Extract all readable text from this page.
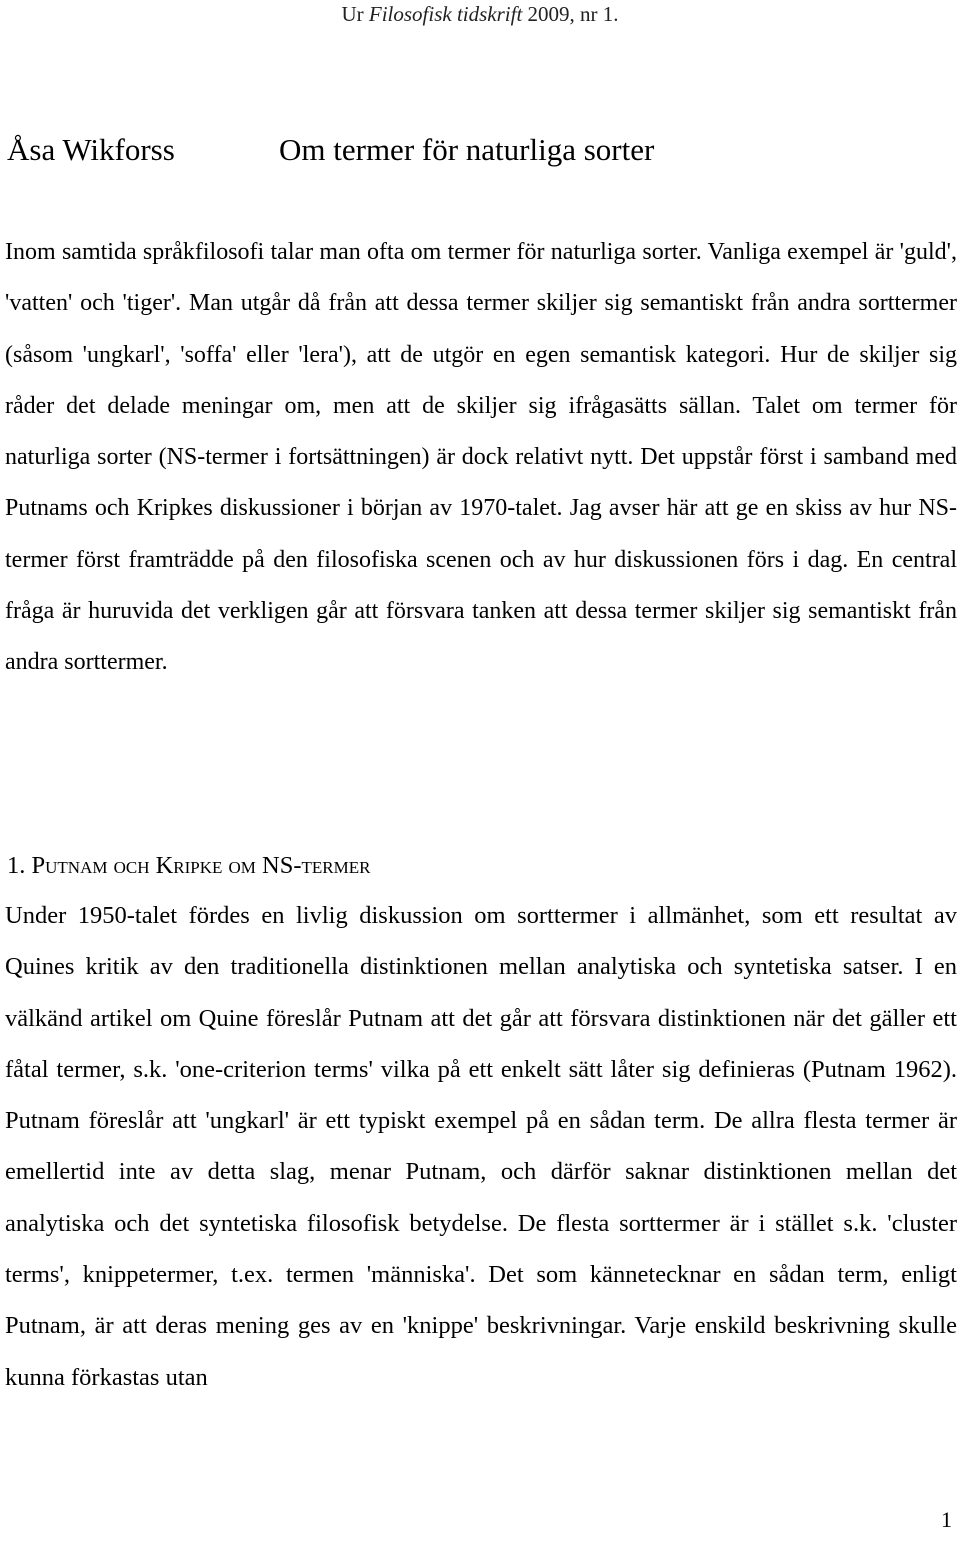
Ur Filosofisk tidskrift 2009, nr 1.
Åsa Wikforss	Om termer för naturliga sorter

Inom samtida språkfilosofi talar man ofta om termer för naturliga sorter. Vanliga exempel är 'guld', 'vatten' och 'tiger'. Man utgår då från att dessa termer skiljer sig semantiskt från andra sorttermer (såsom 'ungkarl', 'soffa' eller 'lera'), att de utgör en egen semantisk kategori. Hur de skiljer sig råder det delade meningar om, men att de skiljer sig ifrågasätts sällan. Talet om termer för naturliga sorter (NS-termer i fortsättningen) är dock relativt nytt. Det uppstår först i samband med Putnams och Kripkes diskussioner i början av 1970-talet. Jag avser här att ge en skiss av hur NS-termer först framträdde på den filosofiska scenen och av hur diskussionen förs i dag. En central fråga är huruvida det verkligen går att försvara tanken att dessa termer skiljer sig semantiskt från andra sorttermer.

1. Putnam och Kripke om NS-termer

Under 1950-talet fördes en livlig diskussion om sorttermer i allmänhet, som ett resultat av Quines kritik av den traditionella distinktionen mellan analytiska och syntetiska satser. I en välkänd artikel om Quine föreslår Putnam att det går att försvara distinktionen när det gäller ett fåtal termer, s.k. 'one-criterion terms' vilka på ett enkelt sätt låter sig definieras (Putnam 1962). Putnam föreslår att 'ungkarl' är ett typiskt exempel på en sådan term. De allra flesta termer är emellertid inte av detta slag, menar Putnam, och därför saknar distinktionen mellan det analytiska och det syntetiska filosofisk betydelse. De flesta sorttermer är i stället s.k. 'cluster terms', knippetermer, t.ex. termen 'människa'. Det som kännetecknar en sådan term, enligt Putnam, är att deras mening ges av en 'knippe' beskrivningar. Varje enskild beskrivning skulle kunna förkastas utan

1
